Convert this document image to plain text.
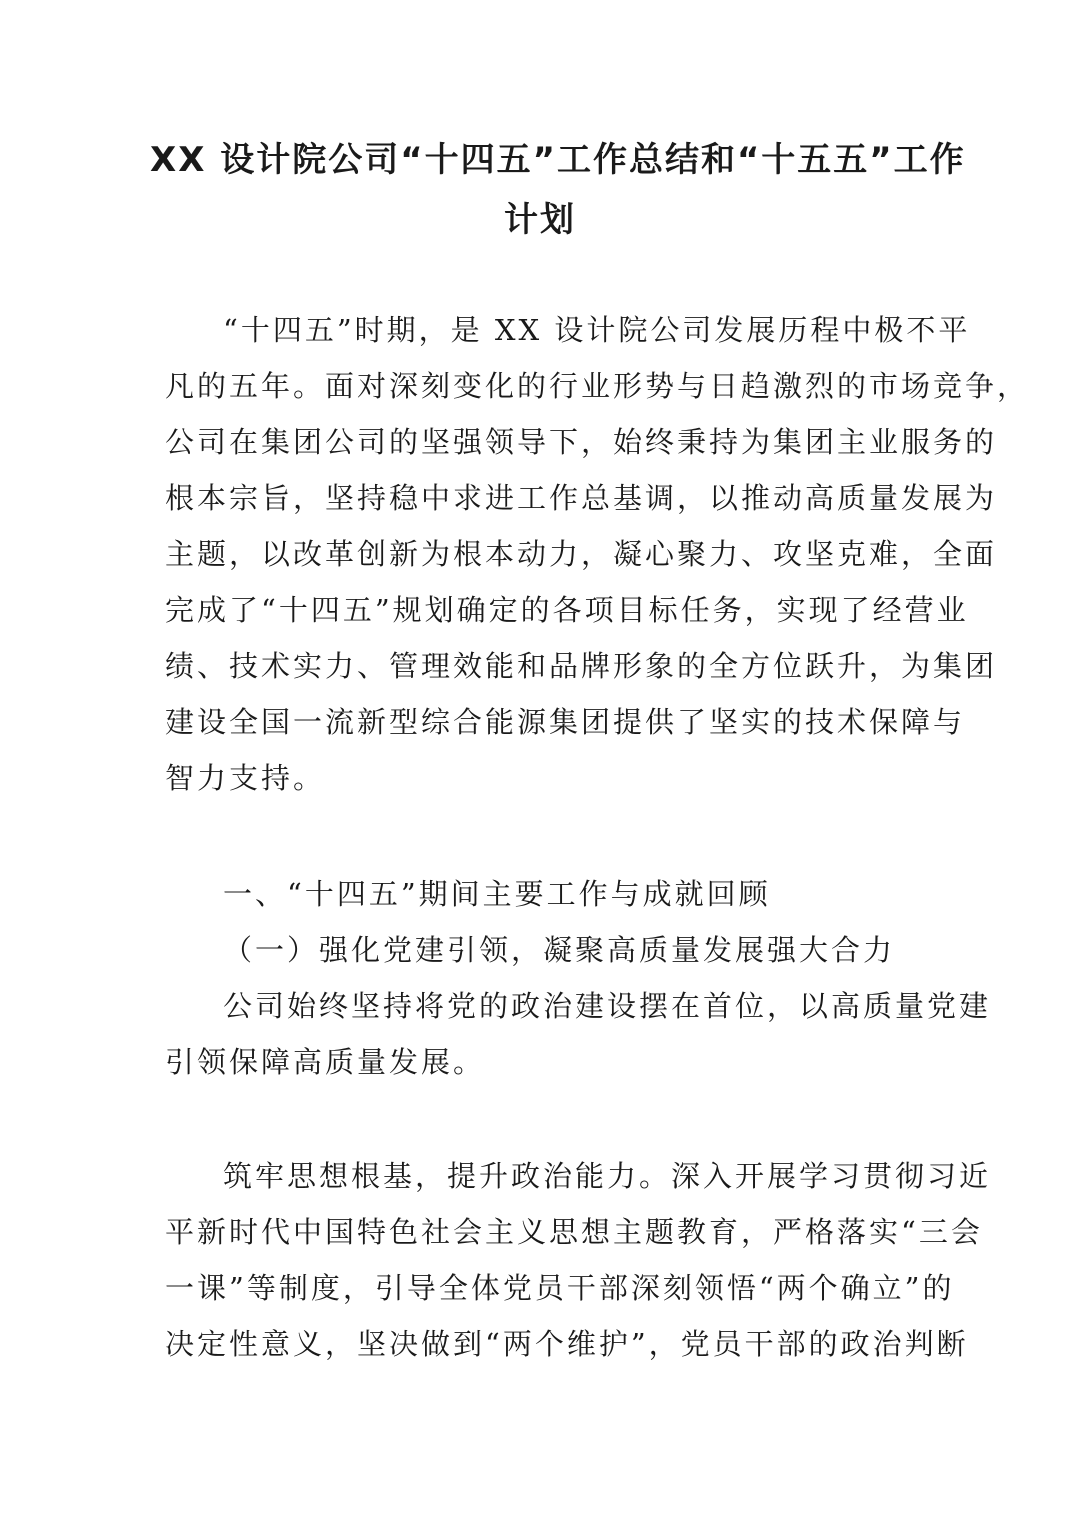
XX 设计院公司“十四五”工作总结和“十五五”工作
计划
“十四五”时期，是 XX 设计院公司发展历程中极不平
凡的五年。面对深刻变化的行业形势与日趋激烈的市场竞争，
公司在集团公司的坚强领导下，始终秉持为集团主业服务的
根本宗旨，坚持稳中求进工作总基调，以推动高质量发展为
主题，以改革创新为根本动力，凝心聚力、攻坚克难，全面
完成了“十四五”规划确定的各项目标任务，实现了经营业
绩、技术实力、管理效能和品牌形象的全方位跃升，为集团
建设全国一流新型综合能源集团提供了坚实的技术保障与
智力支持。
一、“十四五”期间主要工作与成就回顾
（一）强化党建引领，凝聚高质量发展强大合力
公司始终坚持将党的政治建设摆在首位，以高质量党建
引领保障高质量发展。
筑牢思想根基，提升政治能力。深入开展学习贯彻习近
平新时代中国特色社会主义思想主题教育，严格落实“三会
一课”等制度，引导全体党员干部深刻领悟“两个确立”的
决定性意义，坚决做到“两个维护”，党员干部的政治判断
